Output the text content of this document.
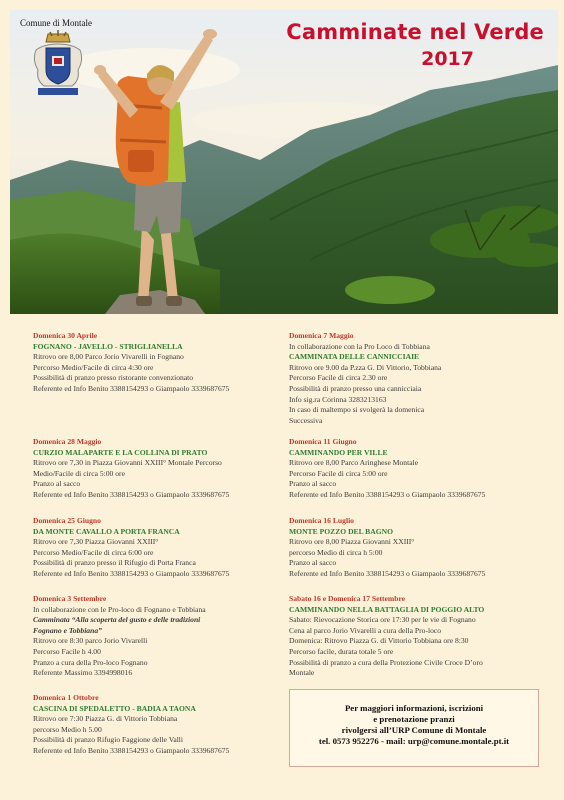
Comune di Montale	Camminate nel Verde
2017
Domenica 30 Aprile
FOGNANO - JAVELLO - STRIGLIANELLA
Ritrovo ore 8,00 Parco Jorio Vivarelli in Fognano
Percorso Medio/Facile di circa 4:30 ore
Possibilità di pranzo presso ristorante convenzionato
Referente ed Info Benito 3388154293 o Giampaolo 3339687675
Domenica 28 Maggio
CURZIO MALAPARTE E LA COLLINA DI PRATO
Ritrovo ore 7,30 in Piazza Giovanni XXIII° Montale Percorso
Medio/Facile di circa 5:00 ore
Pranzo al sacco
Referente ed Info Benito 3388154293 o Giampaolo 3339687675
Domenica 25 Giugno
DA MONTE CAVALLO A PORTA FRANCA
Ritrovo ore 7,30 Piazza Giovanni XXIII°
Percorso Medio/Facile di circa 6:00 ore
Possibilità di pranzo presso il Rifugio di Porta Franca
Referente ed Info Benito 3388154293 o Giampaolo 3339687675
Domenica 3 Settembre
In collaborazione con le Pro-loco di Fognano e Tobbiana
Camminata “Alla scoperta del gusto e delle tradizioni
Fognano e Tobbiana”
Ritrovo ore 8:30 parco Jorio Vivarelli
Percorso Facile h 4.00
Pranzo a cura della Pro-loco Fognano
Referente Massimo 3394998016
Domenica 1 Ottobre
CASCINA DI SPEDALETTO - BADIA A TAONA
Ritrovo ore 7:30 Piazza G. di Vittorio Tobbiana
percorso Medio h 5.00
Possibilità di pranzo Rifugio Faggione delle Valli
Referente ed Info Benito 3388154293 o Giampaolo 3339687675
Domenica 7 Maggio
In collaborazione con la Pro Loco di Tobbiana
CAMMINATA DELLE CANNICCIAIE
Ritrovo ore 9.00 da P.zza G. Di Vittorio, Tobbiana
Percorso Facile di circa 2.30 ore
Possibilità di pranzo presso una cannicciaia
Info sig.ra Corinna 3283213163
In caso di maltempo si svolgerà la domenica
Successiva
Domenica 11 Giugno
CAMMINANDO PER VILLE
Ritrovo ore 8,00 Parco Aringhese Montale
Percorso Facile di circa 5:00 ore
Pranzo al sacco
Referente ed Info Benito 3388154293 o Giampaolo 3339687675
Domenica 16 Luglio
MONTE POZZO DEL BAGNO
Ritrovo ore 8,00 Piazza Giovanni XXIII°
percorso Medio di circa h 5:00
Pranzo al sacco
Referente ed Info Benito 3388154293 o Giampaolo 3339687675
Sabato 16 e Domenica 17 Settembre
CAMMINANDO NELLA BATTAGLIA DI POGGIO ALTO
Sabato: Rievocazione Storica ore 17:30 per le vie di Fognano
Cena al parco Jorio Vivarelli a cura della Pro-loco
Domenica: Ritrovo Piazza G. di Vittorio Tobbiana ore 8:30
Percorso facile, durata totale 5 ore
Possibilità di pranzo a cura della Protezione Civile Croce D’oro
Montale
Per maggiori informazioni, iscrizioni
e prenotazione pranzi
rivolgersi all’URP Comune di Montale
tel. 0573 952276 - mail: urp@comune.montale.pt.it
